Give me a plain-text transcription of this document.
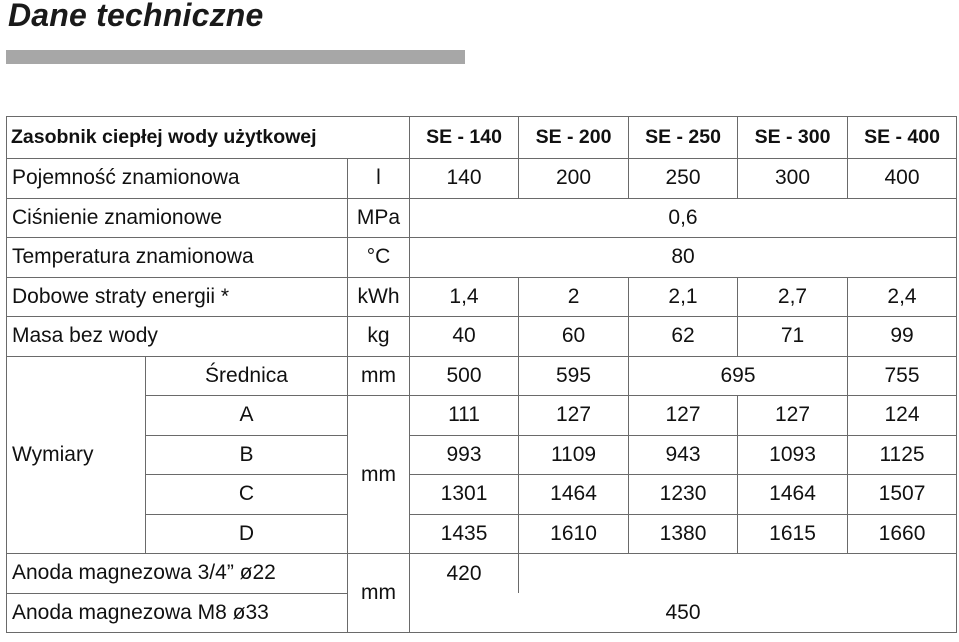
Dane techniczne
Zasobnik ciepłej wody użytkowej			SE - 140	SE - 200	SE - 250	SE - 300	SE - 400
Pojemność znamionowa		l	140	200	250	300	400
Ciśnienie znamionowe		MPa	0,6				
Temperatura znamionowa		°C	80				
Dobowe straty energii *		kWh	1,4	2	2,1	2,7	2,4
Masa bez wody		kg	40	60	62	71	99
Wymiary	Średnica	mm	500	595	695		755
	A	mm	111	127	127	127	124
	B		993	1109	943	1093	1125
	C		1301	1464	1230	1464	1507
	D		1435	1610	1380	1615	1660
Anoda magnezowa 3/4” ø22		mm	420				
Anoda magnezowa M8 ø33			450				
